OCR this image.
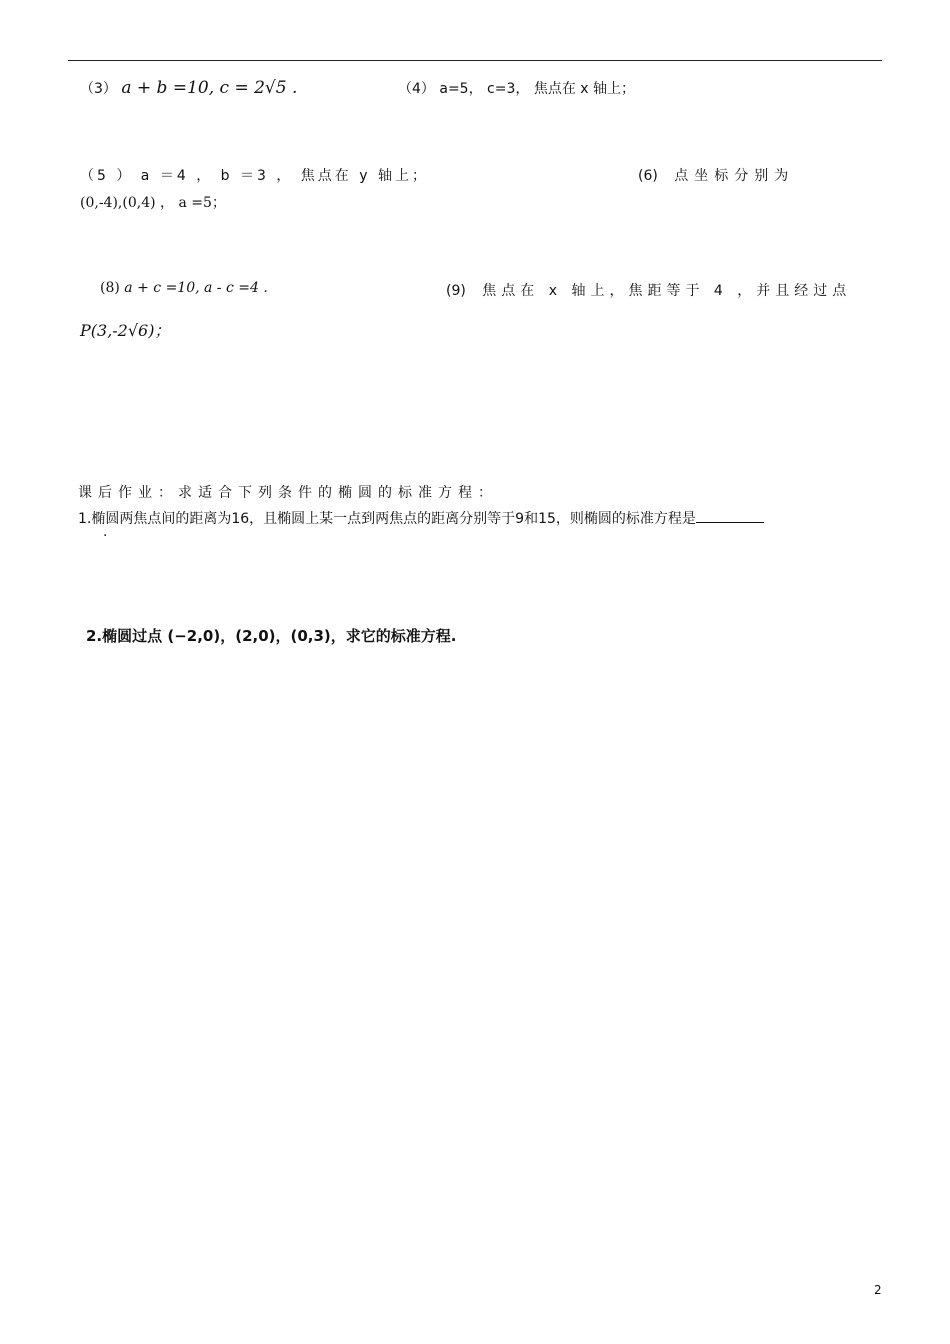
（3） a + b =10, c = 2√5 .	（4） a=5， c=3， 焦点在 x 轴上；
（5 ） a ＝4 ， b ＝3 ， 焦点在 y 轴上；	(6) 点坐标分别为
(0,-4),(0,4) ， a =5；
(8) a + c =10, a - c =4 .	(9) 焦点在 x 轴上，焦距等于 4 ，并且经过点
P(3,-2√6)；
课后作业：求适合下列条件的椭圆的标准方程：
1.椭圆两焦点间的距离为16，且椭圆上某一点到两焦点的距离分别等于9和15，则椭圆的标准方程是
.
2.椭圆过点 (−2,0)，(2,0)，(0,3)，求它的标准方程.
2
